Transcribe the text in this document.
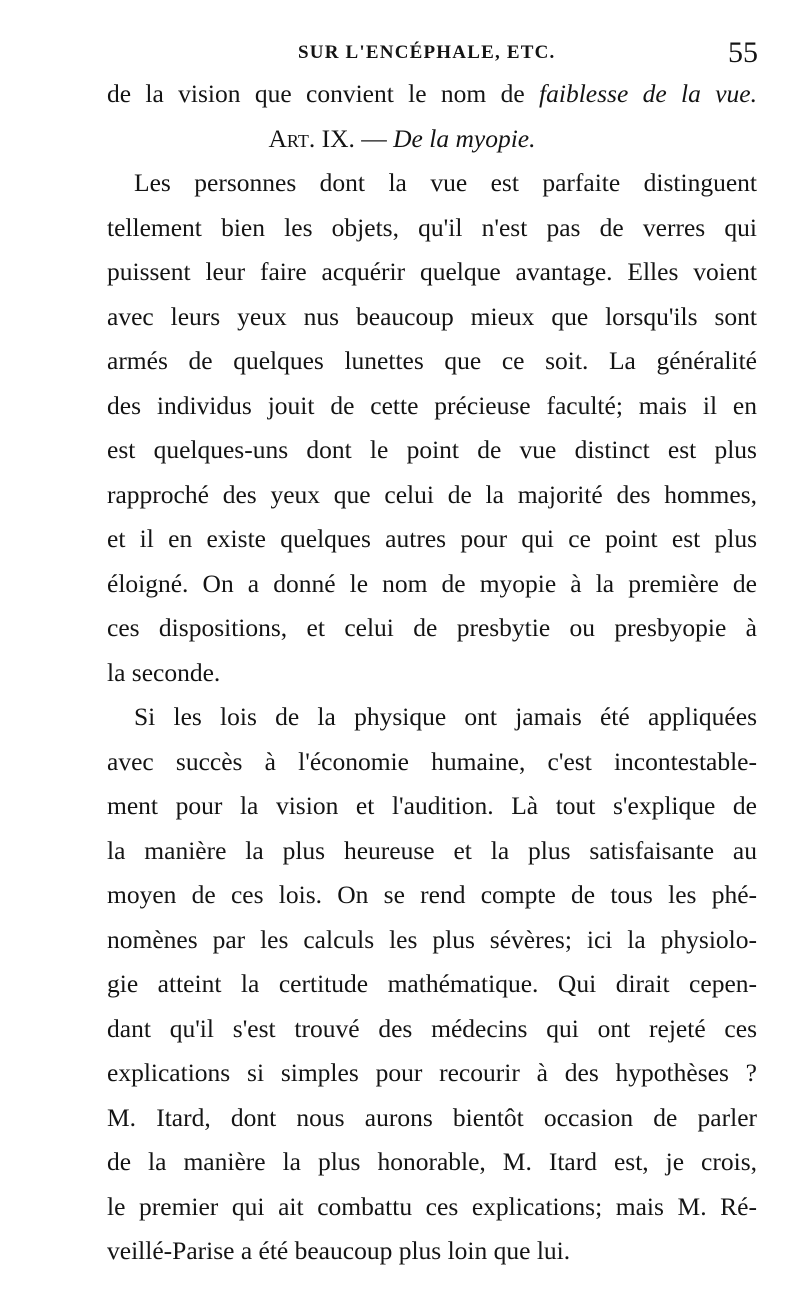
SUR L'ENCÉPHALE, ETC.	55
de la vision que convient le nom de faiblesse de la vue.
Art. IX. — De la myopie.
Les personnes dont la vue est parfaite distinguent
tellement bien les objets, qu'il n'est pas de verres qui
puissent leur faire acquérir quelque avantage. Elles voient
avec leurs yeux nus beaucoup mieux que lorsqu'ils sont
armés de quelques lunettes que ce soit. La généralité
des individus jouit de cette précieuse faculté; mais il en
est quelques-uns dont le point de vue distinct est plus
rapproché des yeux que celui de la majorité des hommes,
et il en existe quelques autres pour qui ce point est plus
éloigné. On a donné le nom de myopie à la première de
ces dispositions, et celui de presbytie ou presbyopie à
la seconde.
Si les lois de la physique ont jamais été appliquées
avec succès à l'économie humaine, c'est incontestable-
ment pour la vision et l'audition. Là tout s'explique de
la manière la plus heureuse et la plus satisfaisante au
moyen de ces lois. On se rend compte de tous les phé-
nomènes par les calculs les plus sévères; ici la physiolo-
gie atteint la certitude mathématique. Qui dirait cepen-
dant qu'il s'est trouvé des médecins qui ont rejeté ces
explications si simples pour recourir à des hypothèses ?
M. Itard, dont nous aurons bientôt occasion de parler
de la manière la plus honorable, M. Itard est, je crois,
le premier qui ait combattu ces explications; mais M. Ré-
veillé-Parise a été beaucoup plus loin que lui.
